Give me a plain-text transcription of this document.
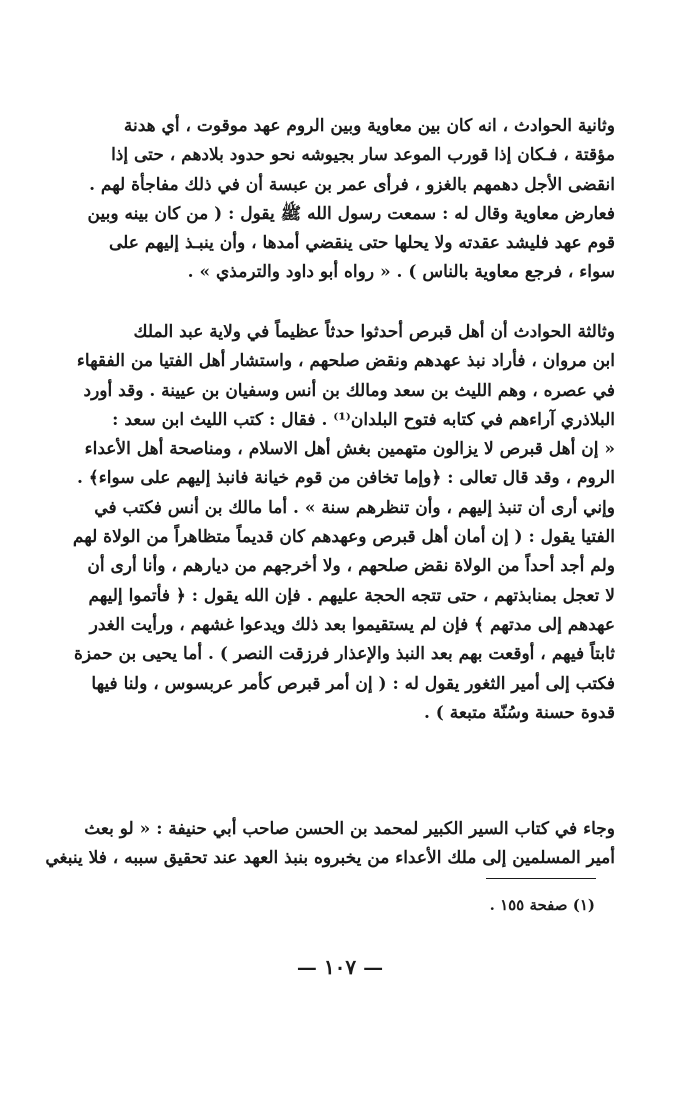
وثانية الحوادث ، انه كان بين معاوية وبين الروم عهد موقوت ، أي هدنة
مؤقتة ، فـكان إذا قورب الموعد سار بجيوشه نحو حدود بلادهم ، حتى إذا
انقضى الأجل دهمهم بالغزو ، فرأى عمر بن عبسة أن في ذلك مفاجأة لهم .
فعارض معاوية وقال له : سمعت رسول الله ﷺ يقول : ( من كان بينه وبين
قوم عهد فليشد عقدته ولا يحلها حتى ينقضي أمدها ، وأن ينبـذ إليهم على
سواء ، فرجع معاوية بالناس ) . « رواه أبو داود والترمذي » .
وثالثة الحوادث أن أهل قبرص أحدثوا حدثاً عظيماً في ولاية عبد الملك
ابن مروان ، فأراد نبذ عهدهم ونقض صلحهم ، واستشار أهل الفتيا من الفقهاء
في عصره ، وهم الليث بن سعد ومالك بن أنس وسفيان بن عيينة . وقد أورد
البلاذري آراءهم في كتابه فتوح البلدان⁽¹⁾ . فقال : كتب الليث ابن سعد :
« إن أهل قبرص لا يزالون متهمين بغش أهل الاسلام ، ومناصحة أهل الأعداء
الروم ، وقد قال تعالى : ﴿وإما تخافن من قوم خيانة فانبذ إليهم على سواء﴾ .
وإني أرى أن تنبذ إليهم ، وأن تنظرهم سنة » . أما مالك بن أنس فكتب في
الفتيا يقول : ( إن أمان أهل قبرص وعهدهم كان قديماً متظاهراً من الولاة لهم
ولم أجد أحداً من الولاة نقض صلحهم ، ولا أخرجهم من ديارهم ، وأنا أرى أن
لا تعجل بمنابذتهم ، حتى تتجه الحجة عليهم . فإن الله يقول : ﴿ فأتموا إليهم
عهدهم إلى مدتهم ﴾ فإن لم يستقيموا بعد ذلك ويدعوا غشهم ، ورأيت الغدر
ثابتاً فيهم ، أوقعت بهم بعد النبذ والإعذار فرزقت النصر ) . أما يحيى بن حمزة
فكتب إلى أمير الثغور يقول له : ( إن أمر قبرص كأمر عربسوس ، ولنا فيها
قدوة حسنة وسُنّة متبعة ) .
وجاء في كتاب السير الكبير لمحمد بن الحسن صاحب أبي حنيفة : « لو بعث
أمير المسلمين إلى ملك الأعداء من يخبروه بنبذ العهد عند تحقيق سببه ، فلا ينبغي
(١) صفحة ١٥٥ .
— ١٠٧ —
